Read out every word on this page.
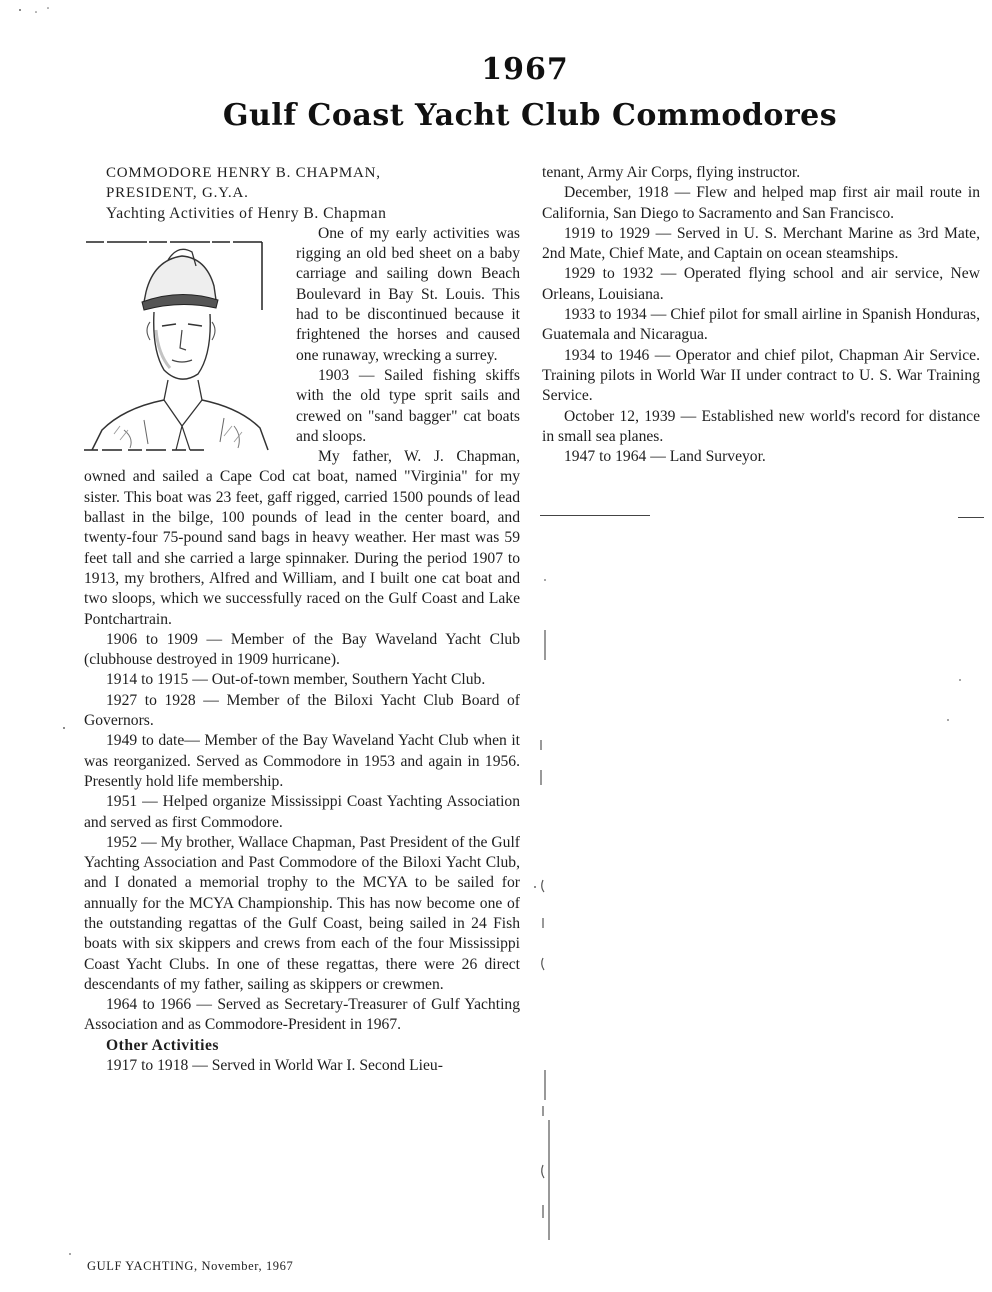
1967
Gulf Coast Yacht Club Commodores

COMMODORE HENRY B. CHAPMAN,

PRESIDENT, G.Y.A.

Yachting Activities of Henry B. Chapman

One of my early activities was rigging an old bed sheet on a baby carriage and sailing down Beach Boulevard in Bay St. Louis. This had to be discontinued because it frightened the horses and caused one runaway, wrecking a surrey.

1903 — Sailed fishing skiffs with the old type sprit sails and crewed on "sand bagger" cat boats and sloops.

My father, W. J. Chapman, owned and sailed a Cape Cod cat boat, named "Virginia" for my sister. This boat was 23 feet, gaff rigged, carried 1500 pounds of lead ballast in the bilge, 100 pounds of lead in the center board, and twenty-four 75-pound sand bags in heavy weather. Her mast was 59 feet tall and she carried a large spinnaker. During the period 1907 to 1913, my brothers, Alfred and William, and I built one cat boat and two sloops, which we successfully raced on the Gulf Coast and Lake Pontchartrain.

1906 to 1909 — Member of the Bay Waveland Yacht Club (clubhouse destroyed in 1909 hurricane).

1914 to 1915 — Out-of-town member, Southern Yacht Club.

1927 to 1928 — Member of the Biloxi Yacht Club Board of Governors.

1949 to date— Member of the Bay Waveland Yacht Club when it was reorganized. Served as Commodore in 1953 and again in 1956. Presently hold life membership.

1951 — Helped organize Mississippi Coast Yachting Association and served as first Commodore.

1952 — My brother, Wallace Chapman, Past President of the Gulf Yachting Association and Past Commodore of the Biloxi Yacht Club, and I donated a memorial trophy to the MCYA to be sailed for annually for the MCYA Championship. This has now become one of the outstanding regattas of the Gulf Coast, being sailed in 24 Fish boats with six skippers and crews from each of the four Mississippi Coast Yacht Clubs. In one of these regattas, there were 26 direct descendants of my father, sailing as skippers or crewmen.

1964 to 1966 — Served as Secretary-Treasurer of Gulf Yachting Association and as Commodore-President in 1967.

Other Activities

1917 to 1918 — Served in World War I. Second Lieu-

tenant, Army Air Corps, flying instructor.

December, 1918 — Flew and helped map first air mail route in California, San Diego to Sacramento and San Francisco.

1919 to 1929 — Served in U. S. Merchant Marine as 3rd Mate, 2nd Mate, Chief Mate, and Captain on ocean steamships.

1929 to 1932 — Operated flying school and air service, New Orleans, Louisiana.

1933 to 1934 — Chief pilot for small airline in Spanish Honduras, Guatemala and Nicaragua.

1934 to 1946 — Operator and chief pilot, Chapman Air Service. Training pilots in World War II under contract to U. S. War Training Service.

October 12, 1939 — Established new world's record for distance in small sea planes.

1947 to 1964 — Land Surveyor.

GULF YACHTING, November, 1967
